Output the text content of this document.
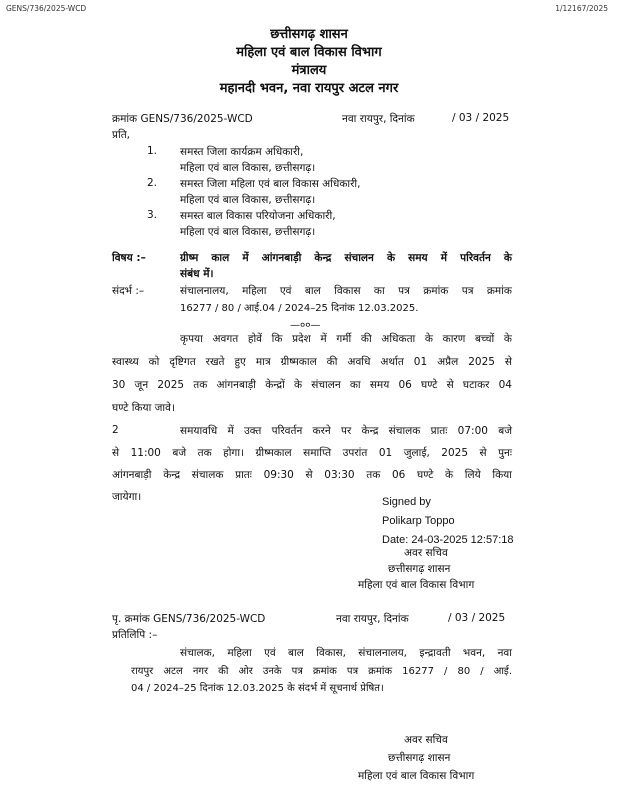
GENS/736/2025-WCD	1/12167/2025
छत्तीसगढ़ शासन
महिला एवं बाल विकास विभाग
मंत्रालय
महानदी भवन, नवा रायपुर अटल नगर
क्रमांक GENS/736/2025-WCD	नवा रायपुर, दिनांक	/ 03 / 2025
प्रति,
1. समस्त जिला कार्यक्रम अधिकारी,
महिला एवं बाल विकास, छत्तीसगढ़।
2. समस्त जिला महिला एवं बाल विकास अधिकारी,
महिला एवं बाल विकास, छत्तीसगढ़।
3. समस्त बाल विकास परियोजना अधिकारी,
महिला एवं बाल विकास, छत्तीसगढ़।
विषय :–	ग्रीष्म काल में आंगनबाड़ी केन्द्र संचालन के समय में परिवर्तन के
संबंध में।
संदर्भ :–	संचालनालय, महिला एवं बाल विकास का पत्र क्रमांक पत्र क्रमांक
16277 / 80 / आई.04 / 2024–25 दिनांक 12.03.2025.
—००—
कृपया अवगत होवें कि प्रदेश में गर्मी की अधिकता के कारण बच्चों के
स्वास्थ्य को दृष्टिगत रखते हुए मात्र ग्रीष्मकाल की अवधि अर्थात 01 अप्रैल 2025 से
30 जून 2025 तक आंगनबाड़ी केन्द्रों के संचालन का समय 06 घण्टे से घटाकर 04
घण्टे किया जावे।
2	समयावधि में उक्त परिवर्तन करने पर केन्द्र संचालक प्रातः 07:00 बजे
से 11:00 बजे तक होगा। ग्रीष्मकाल समाप्ति उपरांत 01 जुलाई, 2025 से पुनः
आंगनबाड़ी केन्द्र संचालक प्रातः 09:30 से 03:30 तक 06 घण्टे के लिये किया
जायेगा।	Signed by
Polikarp Toppo
Date: 24-03-2025 12:57:18
अवर सचिव
छत्तीसगढ़ शासन
महिला एवं बाल विकास विभाग
पृ. क्रमांक GENS/736/2025-WCD	नवा रायपुर, दिनांक	/ 03 / 2025
प्रतिलिपि :–
संचालक, महिला एवं बाल विकास, संचालनालय, इन्द्रावती भवन, नवा
रायपुर अटल नगर की ओर उनके पत्र क्रमांक पत्र क्रमांक 16277 / 80 / आई.
04 / 2024–25 दिनांक 12.03.2025 के संदर्भ में सूचनार्थ प्रेषित।
अवर सचिव
छत्तीसगढ़ शासन
महिला एवं बाल विकास विभाग
